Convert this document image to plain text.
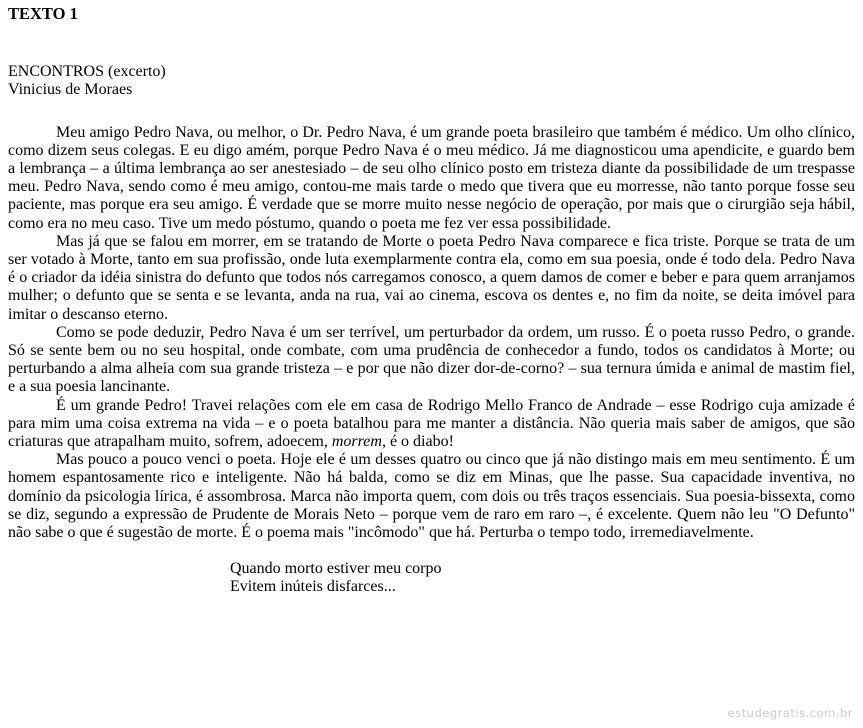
TEXTO 1

ENCONTROS (excerto)

Vinicius de Moraes

Meu amigo Pedro Nava, ou melhor, o Dr. Pedro Nava, é um grande poeta brasileiro que também é médico. Um olho clínico, como dizem seus colegas. E eu digo amém, porque Pedro Nava é o meu médico. Já me diagnosticou uma apendicite, e guardo bem a lembrança – a última lembrança ao ser anestesiado – de seu olho clínico posto em tristeza diante da possibilidade de um trespasse meu. Pedro Nava, sendo como é meu amigo, contou-me mais tarde o medo que tivera que eu morresse, não tanto porque fosse seu paciente, mas porque era seu amigo. É verdade que se morre muito nesse negócio de operação, por mais que o cirurgião seja hábil, como era no meu caso. Tive um medo póstumo, quando o poeta me fez ver essa possibilidade.

Mas já que se falou em morrer, em se tratando de Morte o poeta Pedro Nava comparece e fica triste. Porque se trata de um ser votado à Morte, tanto em sua profissão, onde luta exemplarmente contra ela, como em sua poesia, onde é todo dela. Pedro Nava é o criador da idéia sinistra do defunto que todos nós carregamos conosco, a quem damos de comer e beber e para quem arranjamos mulher; o defunto que se senta e se levanta, anda na rua, vai ao cinema, escova os dentes e, no fim da noite, se deita imóvel para imitar o descanso eterno.

Como se pode deduzir, Pedro Nava é um ser terrível, um perturbador da ordem, um russo. É o poeta russo Pedro, o grande. Só se sente bem ou no seu hospital, onde combate, com uma prudência de conhecedor a fundo, todos os candidatos à Morte; ou perturbando a alma alheia com sua grande tristeza – e por que não dizer dor-de-corno? – sua ternura úmida e animal de mastim fiel, e a sua poesia lancinante.

É um grande Pedro! Travei relações com ele em casa de Rodrigo Mello Franco de Andrade – esse Rodrigo cuja amizade é para mim uma coisa extrema na vida – e o poeta batalhou para me manter a distância. Não queria mais saber de amigos, que são criaturas que atrapalham muito, sofrem, adoecem, morrem, é o diabo!

Mas pouco a pouco venci o poeta. Hoje ele é um desses quatro ou cinco que já não distingo mais em meu sentimento. É um homem espantosamente rico e inteligente. Não há balda, como se diz em Minas, que lhe passe. Sua capacidade inventiva, no domínio da psicologia lírica, é assombrosa. Marca não importa quem, com dois ou três traços essenciais. Sua poesia-bissexta, como se diz, segundo a expressão de Prudente de Morais Neto – porque vem de raro em raro –, é excelente. Quem não leu "O Defunto" não sabe o que é sugestão de morte. É o poema mais "incômodo" que há. Perturba o tempo todo, irremediavelmente.

Quando morto estiver meu corpo

Evitem inúteis disfarces...

estudegratis.com.br
